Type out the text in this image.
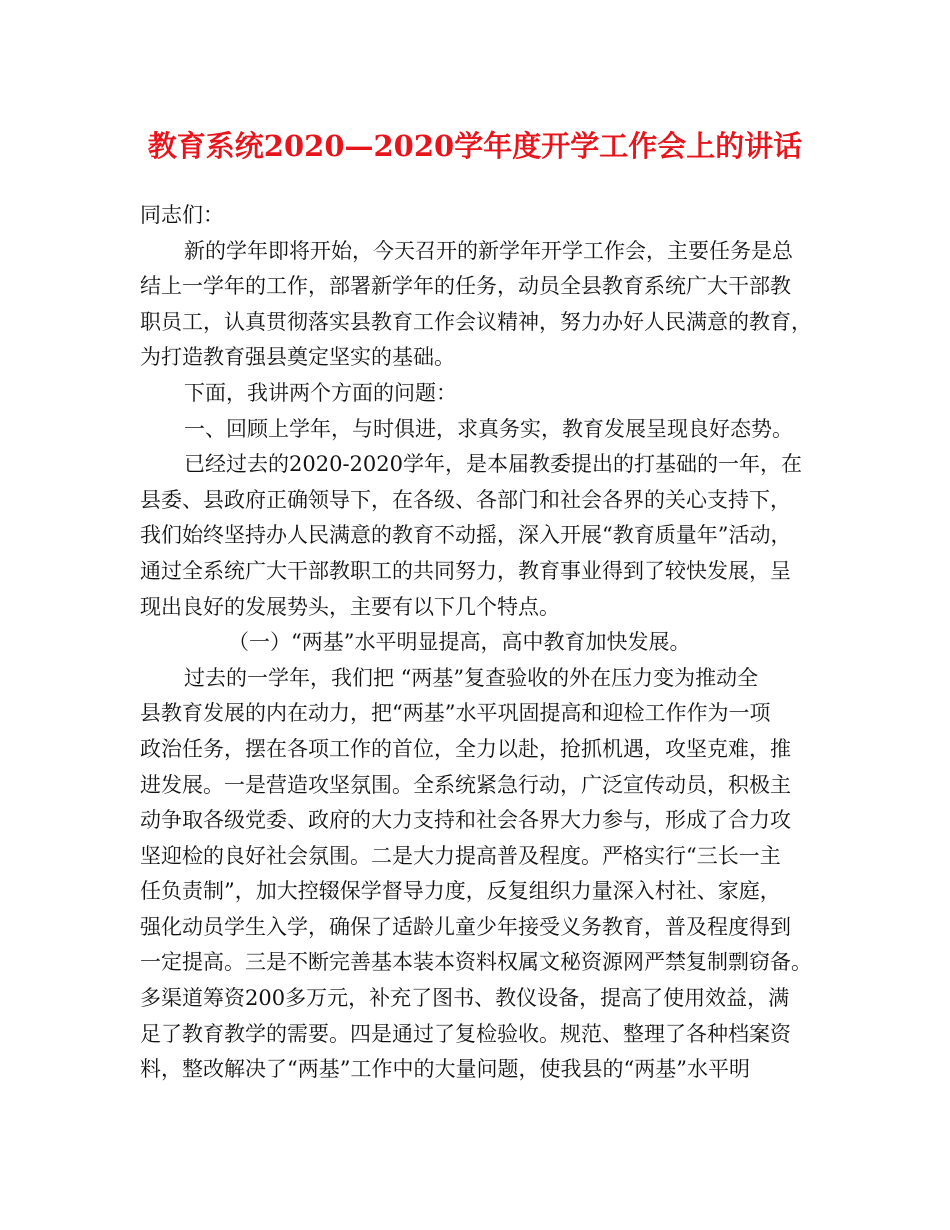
教育系统2020—2020学年度开学工作会上的讲话
同志们：
新的学年即将开始，今天召开的新学年开学工作会，主要任务是总
结上一学年的工作，部署新学年的任务，动员全县教育系统广大干部教
职员工，认真贯彻落实县教育工作会议精神，努力办好人民满意的教育，
为打造教育强县奠定坚实的基础。
下面，我讲两个方面的问题：
一、回顾上学年，与时俱进，求真务实，教育发展呈现良好态势。
已经过去的2020-2020学年，是本届教委提出的打基础的一年，在
县委、县政府正确领导下，在各级、各部门和社会各界的关心支持下，
我们始终坚持办人民满意的教育不动摇，深入开展“教育质量年”活动，
通过全系统广大干部教职工的共同努力，教育事业得到了较快发展，呈
现出良好的发展势头，主要有以下几个特点。
（一）“两基”水平明显提高，高中教育加快发展。
过去的一学年，我们把 “两基”复查验收的外在压力变为推动全
县教育发展的内在动力，把“两基”水平巩固提高和迎检工作作为一项
政治任务，摆在各项工作的首位，全力以赴，抢抓机遇，攻坚克难，推
进发展。一是营造攻坚氛围。全系统紧急行动，广泛宣传动员，积极主
动争取各级党委、政府的大力支持和社会各界大力参与，形成了合力攻
坚迎检的良好社会氛围。二是大力提高普及程度。严格实行“三长一主
任负责制”，加大控辍保学督导力度，反复组织力量深入村社、家庭，
强化动员学生入学，确保了适龄儿童少年接受义务教育，普及程度得到
一定提高。三是不断完善基本装本资料权属文秘资源网严禁复制剽窃备。
多渠道筹资200多万元，补充了图书、教仪设备，提高了使用效益，满
足了教育教学的需要。四是通过了复检验收。规范、整理了各种档案资
料，整改解决了“两基”工作中的大量问题，使我县的“两基”水平明
